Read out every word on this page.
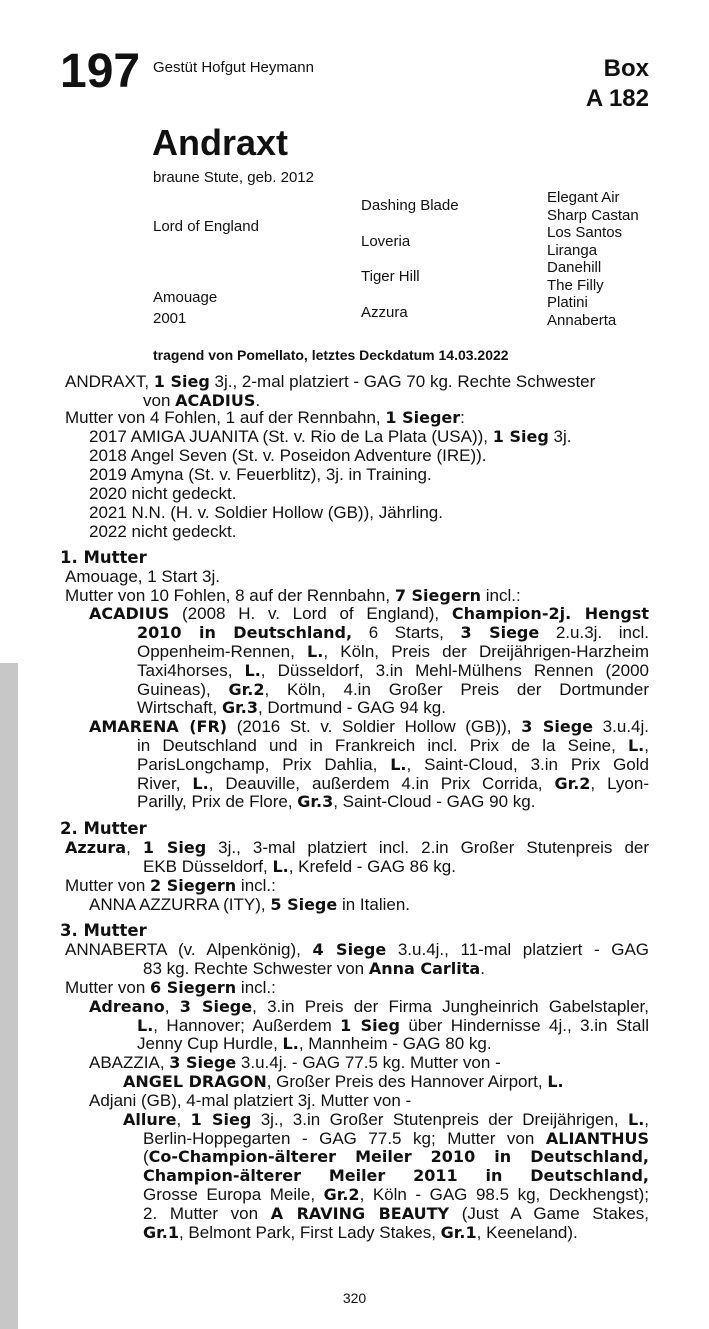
197 Gestüt Hofgut Heymann	Box
A 182
Andraxt
braune Stute, geb. 2012
Lord of England
Amouage
2001
Dashing Blade
Loveria
Tiger Hill
Azzura
Elegant Air
Sharp Castan
Los Santos
Liranga
Danehill
The Filly
Platini
Annaberta
tragend von Pomellato, letztes Deckdatum 14.03.2022
ANDRAXT, 1 Sieg 3j., 2-mal platziert - GAG 70 kg. Rechte Schwester
von ACADIUS.
Mutter von 4 Fohlen, 1 auf der Rennbahn, 1 Sieger:
2017 AMIGA JUANITA (St. v. Rio de La Plata (USA)), 1 Sieg 3j.
2018 Angel Seven (St. v. Poseidon Adventure (IRE)).
2019 Amyna (St. v. Feuerblitz), 3j. in Training.
2020 nicht gedeckt.
2021 N.N. (H. v. Soldier Hollow (GB)), Jährling.
2022 nicht gedeckt.
1. Mutter
Amouage, 1 Start 3j.
Mutter von 10 Fohlen, 8 auf der Rennbahn, 7 Siegern incl.:
ACADIUS (2008 H. v. Lord of England), Champion-2j. Hengst
2010 in Deutschland, 6 Starts, 3 Siege 2.u.3j. incl.
Oppenheim-Rennen, L., Köln, Preis der Dreijährigen-Harzheim
Taxi4horses, L., Düsseldorf, 3.in Mehl-Mülhens Rennen (2000
Guineas), Gr.2, Köln, 4.in Großer Preis der Dortmunder
Wirtschaft, Gr.3, Dortmund - GAG 94 kg.
AMARENA (FR) (2016 St. v. Soldier Hollow (GB)), 3 Siege 3.u.4j.
in Deutschland und in Frankreich incl. Prix de la Seine, L.,
ParisLongchamp, Prix Dahlia, L., Saint-Cloud, 3.in Prix Gold
River, L., Deauville, außerdem 4.in Prix Corrida, Gr.2, Lyon-
Parilly, Prix de Flore, Gr.3, Saint-Cloud - GAG 90 kg.
2. Mutter
Azzura, 1 Sieg 3j., 3-mal platziert incl. 2.in Großer Stutenpreis der
EKB Düsseldorf, L., Krefeld - GAG 86 kg.
Mutter von 2 Siegern incl.:
ANNA AZZURRA (ITY), 5 Siege in Italien.
3. Mutter
ANNABERTA (v. Alpenkönig), 4 Siege 3.u.4j., 11-mal platziert - GAG
83 kg. Rechte Schwester von Anna Carlita.
Mutter von 6 Siegern incl.:
Adreano, 3 Siege, 3.in Preis der Firma Jungheinrich Gabelstapler,
L., Hannover; Außerdem 1 Sieg über Hindernisse 4j., 3.in Stall
Jenny Cup Hurdle, L., Mannheim - GAG 80 kg.
ABAZZIA, 3 Siege 3.u.4j. - GAG 77.5 kg. Mutter von -
ANGEL DRAGON, Großer Preis des Hannover Airport, L.
Adjani (GB), 4-mal platziert 3j. Mutter von -
Allure, 1 Sieg 3j., 3.in Großer Stutenpreis der Dreijährigen, L.,
Berlin-Hoppegarten - GAG 77.5 kg; Mutter von ALIANTHUS
(Co-Champion-älterer Meiler 2010 in Deutschland,
Champion-älterer Meiler 2011 in Deutschland,
Grosse Europa Meile, Gr.2, Köln - GAG 98.5 kg, Deckhengst);
2. Mutter von A RAVING BEAUTY (Just A Game Stakes,
Gr.1, Belmont Park, First Lady Stakes, Gr.1, Keeneland).
320
